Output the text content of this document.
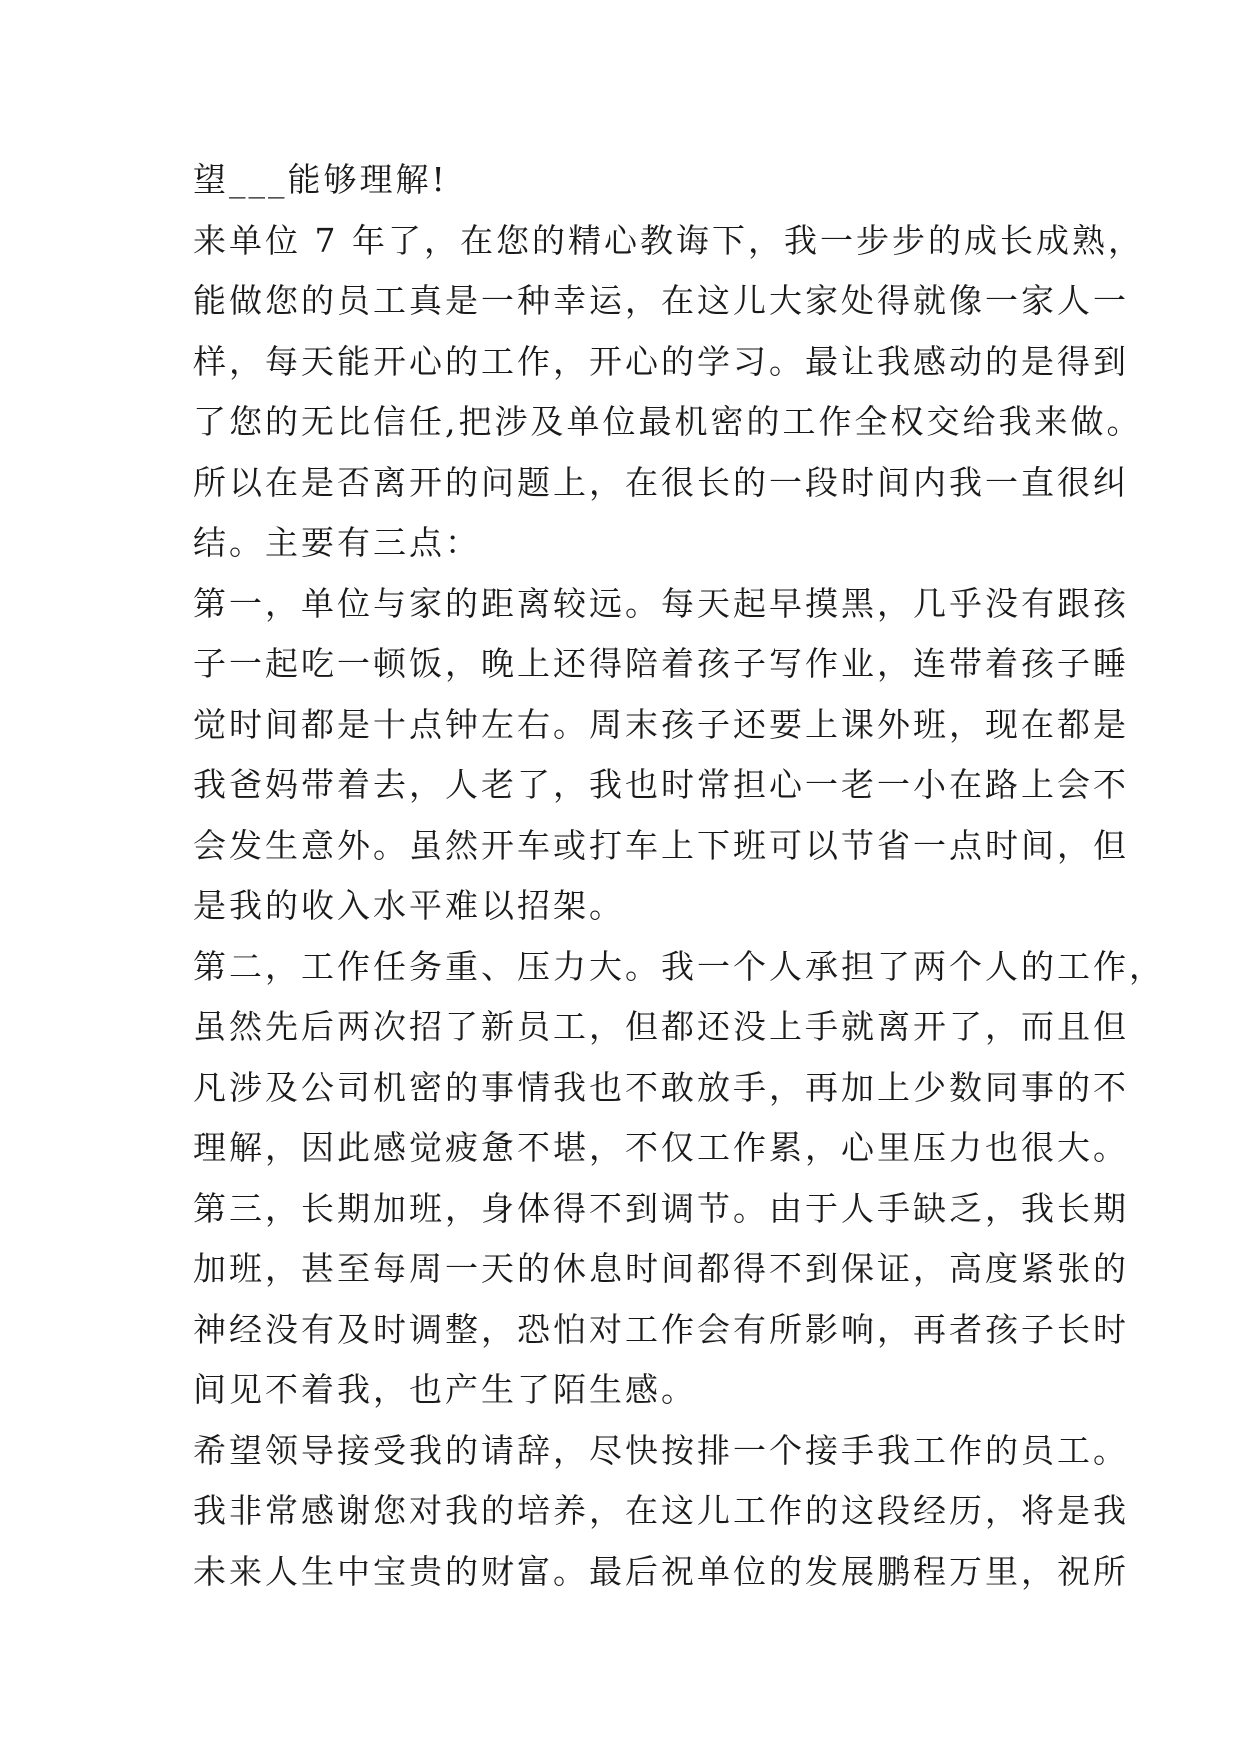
望___能够理解!
来单位 7 年了，在您的精心教诲下，我一步步的成长成熟，
能做您的员工真是一种幸运，在这儿大家处得就像一家人一
样，每天能开心的工作，开心的学习。最让我感动的是得到
了您的无比信任,把涉及单位最机密的工作全权交给我来做。
所以在是否离开的问题上，在很长的一段时间内我一直很纠
结。主要有三点：
第一，单位与家的距离较远。每天起早摸黑，几乎没有跟孩
子一起吃一顿饭，晚上还得陪着孩子写作业，连带着孩子睡
觉时间都是十点钟左右。周末孩子还要上课外班，现在都是
我爸妈带着去，人老了，我也时常担心一老一小在路上会不
会发生意外。虽然开车或打车上下班可以节省一点时间，但
是我的收入水平难以招架。
第二，工作任务重、压力大。我一个人承担了两个人的工作，
虽然先后两次招了新员工，但都还没上手就离开了，而且但
凡涉及公司机密的事情我也不敢放手，再加上少数同事的不
理解，因此感觉疲惫不堪，不仅工作累，心里压力也很大。
第三，长期加班，身体得不到调节。由于人手缺乏，我长期
加班，甚至每周一天的休息时间都得不到保证，高度紧张的
神经没有及时调整，恐怕对工作会有所影响，再者孩子长时
间见不着我，也产生了陌生感。
希望领导接受我的请辞，尽快按排一个接手我工作的员工。
我非常感谢您对我的培养，在这儿工作的这段经历，将是我
未来人生中宝贵的财富。最后祝单位的发展鹏程万里，祝所
